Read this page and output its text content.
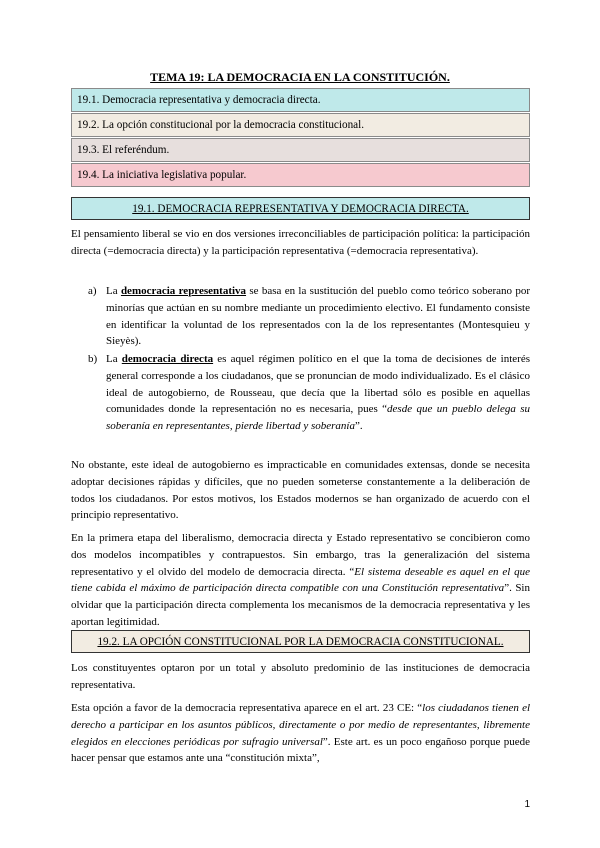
TEMA 19: LA DEMOCRACIA EN LA CONSTITUCIÓN.
19.1. Democracia representativa y democracia directa.
19.2. La opción constitucional por la democracia constitucional.
19.3. El referéndum.
19.4. La iniciativa legislativa popular.
19.1. DEMOCRACIA REPRESENTATIVA Y DEMOCRACIA DIRECTA.
El pensamiento liberal se vio en dos versiones irreconciliables de participación política: la participación directa (=democracia directa) y la participación representativa (=democracia representativa).
a) La democracia representativa se basa en la sustitución del pueblo como teórico soberano por minorías que actúan en su nombre mediante un procedimiento electivo. El fundamento consiste en identificar la voluntad de los representados con la de los representantes (Montesquieu y Sieyès).
b) La democracia directa es aquel régimen político en el que la toma de decisiones de interés general corresponde a los ciudadanos, que se pronuncian de modo individualizado. Es el clásico ideal de autogobierno, de Rousseau, que decía que la libertad sólo es posible en aquellas comunidades donde la representación no es necesaria, pues “desde que un pueblo delega su soberanía en representantes, pierde libertad y soberanía”.
No obstante, este ideal de autogobierno es impracticable en comunidades extensas, donde se necesita adoptar decisiones rápidas y difíciles, que no pueden someterse constantemente a la deliberación de todos los ciudadanos. Por estos motivos, los Estados modernos se han organizado de acuerdo con el principio representativo.
En la primera etapa del liberalismo, democracia directa y Estado representativo se concibieron como dos modelos incompatibles y contrapuestos. Sin embargo, tras la generalización del sistema representativo y el olvido del modelo de democracia directa. “El sistema deseable es aquel en el que tiene cabida el máximo de participación directa compatible con una Constitución representativa”. Sin olvidar que la participación directa complementa los mecanismos de la democracia representativa y les aportan legitimidad.
19.2. LA OPCIÓN CONSTITUCIONAL POR LA DEMOCRACIA CONSTITUCIONAL.
Los constituyentes optaron por un total y absoluto predominio de las instituciones de democracia representativa.
Esta opción a favor de la democracia representativa aparece en el art. 23 CE: “los ciudadanos tienen el derecho a participar en los asuntos públicos, directamente o por medio de representantes, libremente elegidos en elecciones periódicas por sufragio universal”. Este art. es un poco engañoso porque puede hacer pensar que estamos ante una “constitución mixta”,
1
